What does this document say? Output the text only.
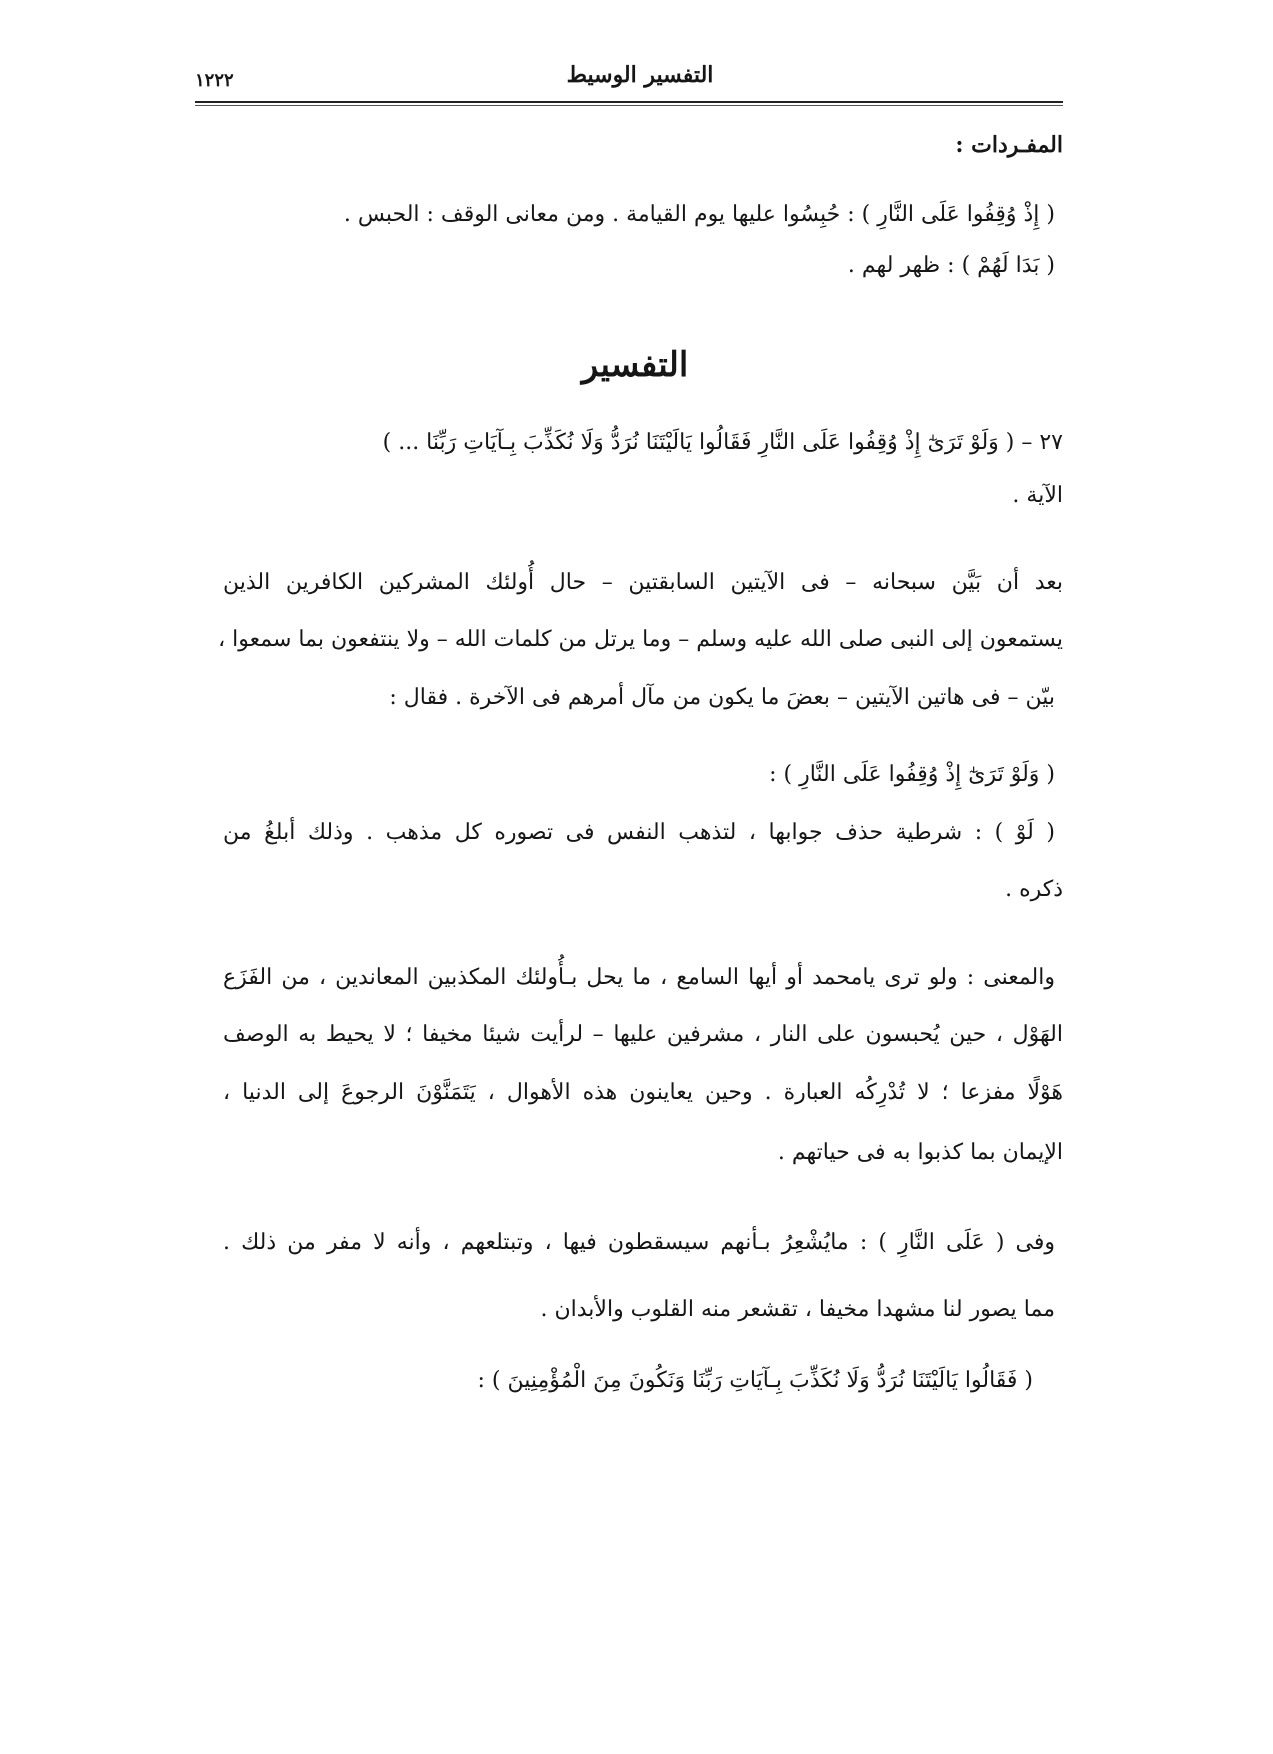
١٢٢٢	التفسير الوسيط
المفـردات :
( إِذْ وُقِفُوا عَلَى النَّارِ ) : حُبِسُوا عليها يوم القيامة . ومن معانى الوقف : الحبس .
( بَدَا لَهُمْ ) : ظهر لهم .
التفسير
٢٧ – ( وَلَوْ تَرَىٰٓ إِذْ وُقِفُوا عَلَى النَّارِ فَقَالُوا يَالَيْتَنَا نُرَدُّ وَلَا نُكَذِّبَ بِـآيَاتِ رَبِّنَا ... )
الآية .
بعد أن بَيَّن سبحانه – فى الآيتين السابقتين – حال أُولئك المشركين الكافرين الذين
يستمعون إلى النبى صلى الله عليه وسلم – وما يرتل من كلمات الله – ولا ينتفعون بما سمعوا ،
بيّن – فى هاتين الآيتين – بعضَ ما يكون من مآل أمرهم فى الآخرة . فقال :
( وَلَوْ تَرَىٰٓ إِذْ وُقِفُوا عَلَى النَّارِ ) :
( لَوْ ) : شرطية حذف جوابها ، لتذهب النفس فى تصوره كل مذهب . وذلك أبلغُ من
ذكره .
والمعنى : ولو ترى يامحمد أو أيها السامع ، ما يحل بـأُولئك المكذبين المعاندين ، من الفَزَع
الهَوْل ، حين يُحبسون على النار ، مشرفين عليها – لرأيت شيئا مخيفا ؛ لا يحيط به الوصف
هَوْلًا مفزعا ؛ لا تُدْرِكُه العبارة . وحين يعاينون هذه الأهوال ، يَتَمَنَّوْنَ الرجوعَ إلى الدنيا ،
الإيمان بما كذبوا به فى حياتهم .
وفى ( عَلَى النَّارِ ) : مايُشْعِرُ بـأنهم سيسقطون فيها ، وتبتلعهم ، وأنه لا مفر من ذلك .
مما يصور لنا مشهدا مخيفا ، تقشعر منه القلوب والأبدان .
( فَقَالُوا يَالَيْتَنَا نُرَدُّ وَلَا نُكَذِّبَ بِـآيَاتِ رَبِّنَا وَنَكُونَ مِنَ الْمُؤْمِنِينَ ) :
